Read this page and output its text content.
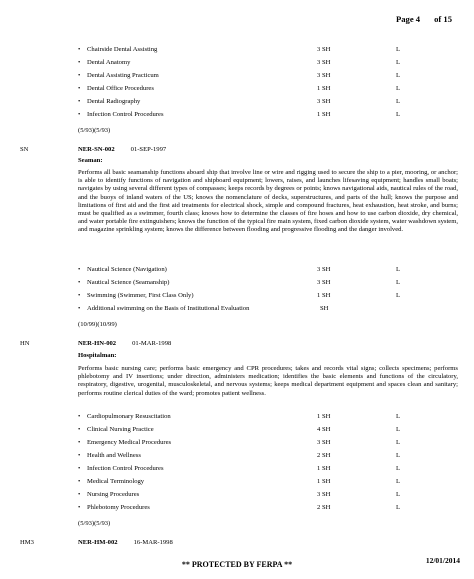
Page 4 of 15
• Chairside Dental Assisting	3 SH	L
• Dental Anatomy	3 SH	L
• Dental Assisting Practicum	3 SH	L
• Dental Office Procedures	1 SH	L
• Dental Radiography	3 SH	L
• Infection Control Procedures	1 SH	L
(5/93)(5/93)
SN	NER-SN-002 01-SEP-1997
Seaman:
Performs all basic seamanship functions aboard ship that involve line or wire and rigging used to secure the ship to a pier, mooring, or anchor; is able to identify functions of navigation and shipboard equipment; lowers, raises, and launches lifesaving equipment; handles small boats; navigates by using several different types of compasses; keeps records by degrees or points; knows navigational aids, nautical rules of the road, and the buoys of inland waters of the US; knows the nomenclature of decks, superstructures, and parts of the hull; knows the purpose and limitations of first aid and the first aid treatments for electrical shock, simple and compound fractures, heat exhaustion, heat stroke, and burns; must be qualified as a swimmer, fourth class; knows how to determine the classes of fire hoses and how to use carbon dioxide, dry chemical, and water portable fire extinguishers; knows the function of the typical fire main system, fixed carbon dioxide system, water washdown system, and magazine sprinkling system; knows the difference between flooding and progressive flooding and the danger involved.
• Nautical Science (Navigation)	3 SH	L
• Nautical Science (Seamanship)	3 SH	L
• Swimming (Swimmer, First Class Only)	1 SH	L
• Additional swimming on the Basis of Institutional Evaluation	SH
(10/99)(10/99)
HN	NER-HN-002 01-MAR-1998
Hospitalman:
Performs basic nursing care; performs basic emergency and CPR procedures; takes and records vital signs; collects specimens; performs phlebotomy and IV insertions; under direction, administers medication; identifies the basic elements and functions of the circulatory, respiratory, digestive, urogenital, musculoskeletal, and nervous systems; keeps medical department equipment and spaces clean and sanitary; performs routine clerical duties of the ward; promotes patient wellness.
• Cardiopulmonary Resuscitation	1 SH	L
• Clinical Nursing Practice	4 SH	L
• Emergency Medical Procedures	3 SH	L
• Health and Wellness	2 SH	L
• Infection Control Procedures	1 SH	L
• Medical Terminology	1 SH	L
• Nursing Procedures	3 SH	L
• Phlebotomy Procedures	2 SH	L
(5/93)(5/93)
HM3	NER-HM-002 16-MAR-1998
** PROTECTED BY FERPA **	12/01/2014
